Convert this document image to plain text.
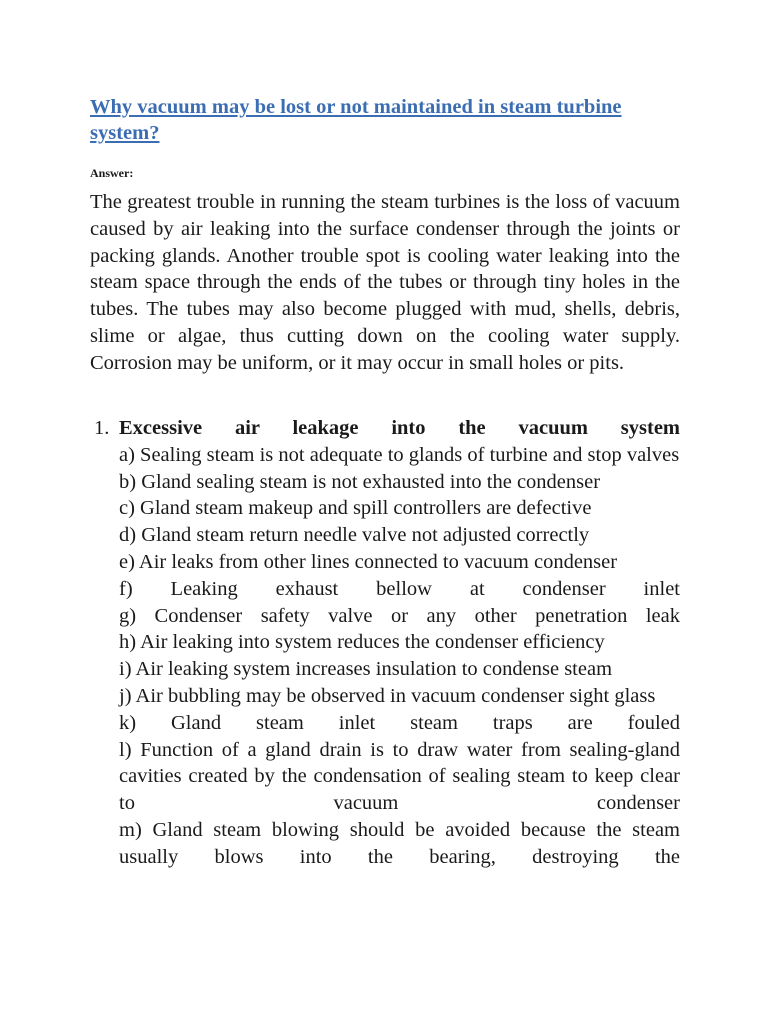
Why vacuum may be lost or not maintained in steam turbine system?

Answer:

The greatest trouble in running the steam turbines is the loss of vacuum caused by air leaking into the surface condenser through the joints or packing glands. Another trouble spot is cooling water leaking into the steam space through the ends of the tubes or through tiny holes in the tubes. The tubes may also become plugged with mud, shells, debris, slime or algae, thus cutting down on the cooling water supply. Corrosion may be uniform, or it may occur in small holes or pits.

1. Excessive air leakage into the vacuum system
a) Sealing steam is not adequate to glands of turbine and stop valves
b) Gland sealing steam is not exhausted into the condenser
c) Gland steam makeup and spill controllers are defective
d) Gland steam return needle valve not adjusted correctly
e) Air leaks from other lines connected to vacuum condenser
f) Leaking exhaust bellow at condenser inlet
g) Condenser safety valve or any other penetration leak
h) Air leaking into system reduces the condenser efficiency
i) Air leaking system increases insulation to condense steam
j) Air bubbling may be observed in vacuum condenser sight glass
k) Gland steam inlet steam traps are fouled
l) Function of a gland drain is to draw water from sealing-gland cavities created by the condensation of sealing steam to keep clear to vacuum condenser
m) Gland steam blowing should be avoided because the steam usually blows into the bearing, destroying the
